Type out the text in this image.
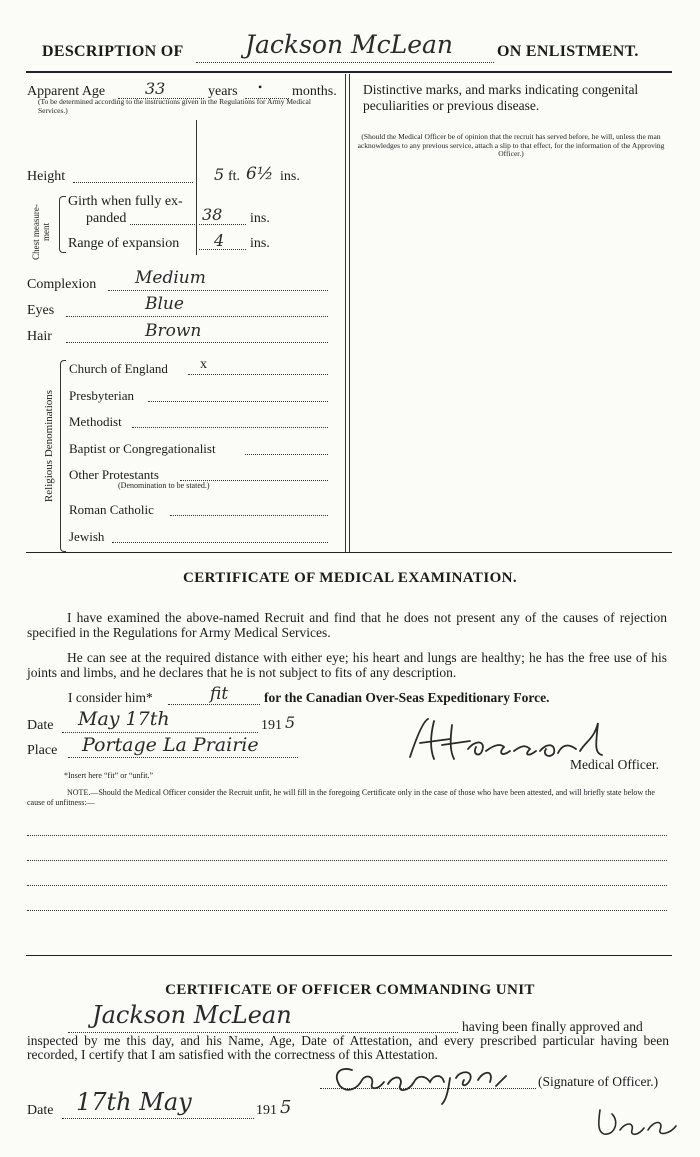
DESCRIPTION OF Jackson McLean	ON ENLISTMENT.
Apparent Age 33	years • months.
(To be determined according to the instructions given in the Regulations for Army Medical Services.)
Height	5 ft. 6½ ins.
Chest measure-ment
Girth when fully ex-
panded	38 ins.
Range of expansion 4 ins.
Complexion Medium
Eyes	Blue
Hair	Brown
Religious Denominations
Church of England x
Presbyterian
Methodist
Baptist or Congregationalist
Other Protestants
(Denomination to be stated.)
Roman Catholic
Jewish
Distinctive marks, and marks indicating congenital peculiarities or previous disease.
(Should the Medical Officer be of opinion that the recruit has served before, he will, unless the man acknowledges to any previous service, attach a slip to that effect, for the information of the Approving Officer.)
CERTIFICATE OF MEDICAL EXAMINATION.
I have examined the above-named Recruit and find that he does not present any of the causes of rejection specified in the Regulations for Army Medical Services.
He can see at the required distance with either eye; his heart and lungs are healthy; he has the free use of his joints and limbs, and he declares that he is not subject to fits of any description.
I consider him*	fit	for the Canadian Over-Seas Expeditionary Force.
Date May 17th	191 5
Place Portage La Prairie
Medical Officer.
*Insert here “fit” or “unfit.”
NOTE.—Should the Medical Officer consider the Recruit unfit, he will fill in the foregoing Certificate only in the case of those who have been attested, and will briefly state below the cause of unfitness:—
CERTIFICATE OF OFFICER COMMANDING UNIT
Jackson McLean	having been finally approved and
inspected by me this day, and his Name, Age, Date of Attestation, and every prescribed particular having been recorded, I certify that I am satisfied with the correctness of this Attestation.
(Signature of Officer.)
Date 17th May	191 5
